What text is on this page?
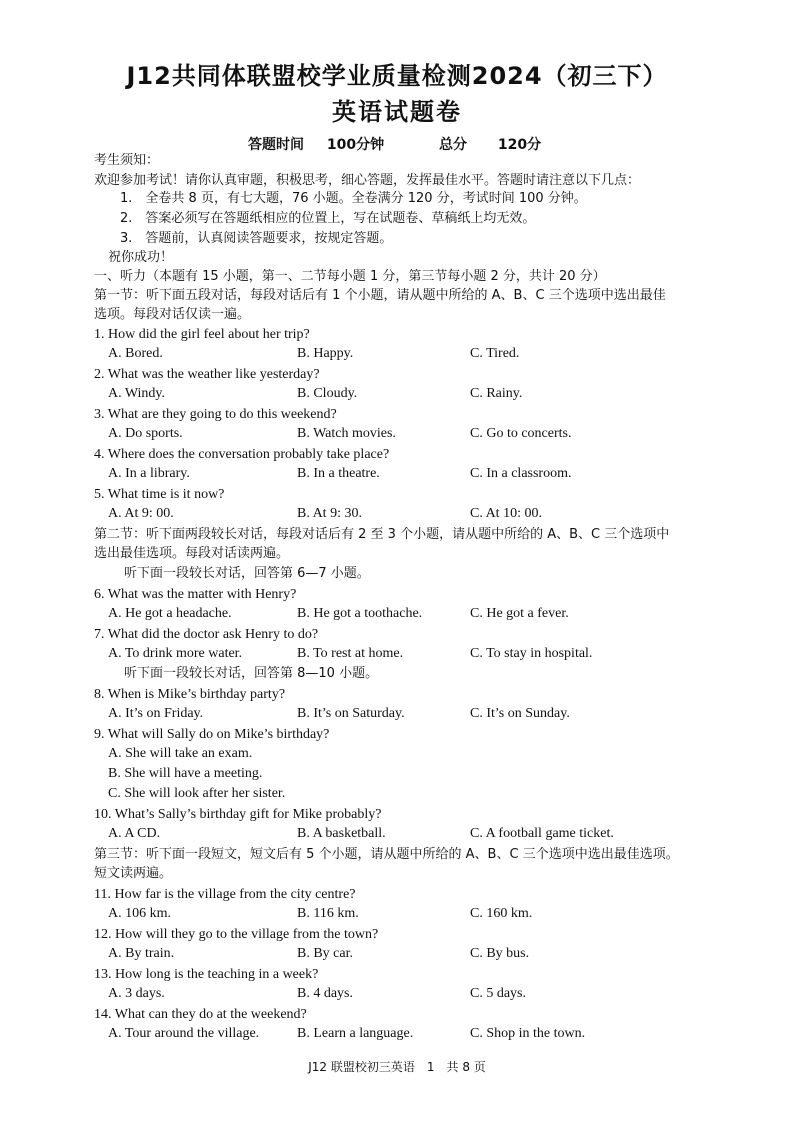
J12共同体联盟校学业质量检测2024（初三下）
英语试题卷
答题时间 100分钟	总分 120分
考生须知：
欢迎参加考试！请你认真审题，积极思考，细心答题，发挥最佳水平。答题时请注意以下几点：
1.　全卷共 8 页，有七大题，76 小题。全卷满分 120 分，考试时间 100 分钟。
2.　答案必须写在答题纸相应的位置上，写在试题卷、草稿纸上均无效。
3.　答题前，认真阅读答题要求，按规定答题。
祝你成功！
一、听力（本题有 15 小题，第一、二节每小题 1 分，第三节每小题 2 分，共计 20 分）
第一节：听下面五段对话，每段对话后有 1 个小题，请从题中所给的 A、B、C 三个选项中选出最佳
选项。每段对话仅读一遍。
1. How did the girl feel about her trip?
A. Bored.	B. Happy.	C. Tired.
2. What was the weather like yesterday?
A. Windy.	B. Cloudy.	C. Rainy.
3. What are they going to do this weekend?
A. Do sports.	B. Watch movies.	C. Go to concerts.
4. Where does the conversation probably take place?
A. In a library.	B. In a theatre.	C. In a classroom.
5. What time is it now?
A. At 9: 00.	B. At 9: 30.	C. At 10: 00.
第二节：听下面两段较长对话，每段对话后有 2 至 3 个小题，请从题中所给的 A、B、C 三个选项中
选出最佳选项。每段对话读两遍。
听下面一段较长对话，回答第 6—7 小题。
6. What was the matter with Henry?
A. He got a headache.	B. He got a toothache.	C. He got a fever.
7. What did the doctor ask Henry to do?
A. To drink more water.	B. To rest at home.	C. To stay in hospital.
听下面一段较长对话，回答第 8—10 小题。
8. When is Mike’s birthday party?
A. It’s on Friday.	B. It’s on Saturday.	C. It’s on Sunday.
9. What will Sally do on Mike’s birthday?
A. She will take an exam.
B. She will have a meeting.
C. She will look after her sister.
10. What’s Sally’s birthday gift for Mike probably?
A. A CD.	B. A basketball.	C. A football game ticket.
第三节：听下面一段短文，短文后有 5 个小题，请从题中所给的 A、B、C 三个选项中选出最佳选项。
短文读两遍。
11. How far is the village from the city centre?
A. 106 km.	B. 116 km.	C. 160 km.
12. How will they go to the village from the town?
A. By train.	B. By car.	C. By bus.
13. How long is the teaching in a week?
A. 3 days.	B. 4 days.	C. 5 days.
14. What can they do at the weekend?
A. Tour around the village.	B. Learn a language.	C. Shop in the town.
J12 联盟校初三英语 1 共 8 页
